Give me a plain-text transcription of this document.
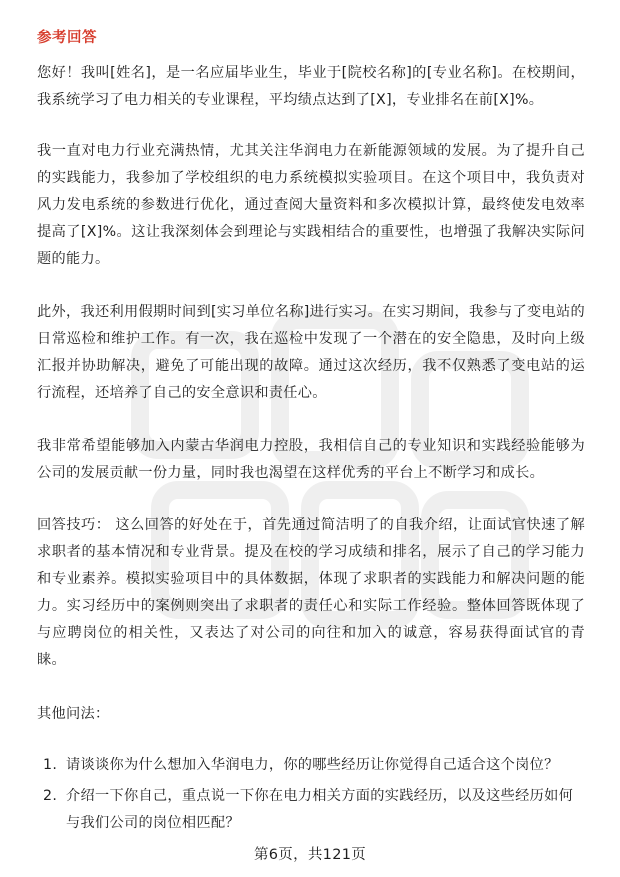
参考回答

您好！我叫[姓名]，是一名应届毕业生，毕业于[院校名称]的[专业名称]。在校期间，我系统学习了电力相关的专业课程，平均绩点达到了[X]，专业排名在前[X]%。

我一直对电力行业充满热情，尤其关注华润电力在新能源领域的发展。为了提升自己的实践能力，我参加了学校组织的电力系统模拟实验项目。在这个项目中，我负责对风力发电系统的参数进行优化，通过查阅大量资料和多次模拟计算，最终使发电效率提高了[X]%。这让我深刻体会到理论与实践相结合的重要性，也增强了我解决实际问题的能力。

此外，我还利用假期时间到[实习单位名称]进行实习。在实习期间，我参与了变电站的日常巡检和维护工作。有一次，我在巡检中发现了一个潜在的安全隐患，及时向上级汇报并协助解决，避免了可能出现的故障。通过这次经历，我不仅熟悉了变电站的运行流程，还培养了自己的安全意识和责任心。

我非常希望能够加入内蒙古华润电力控股，我相信自己的专业知识和实践经验能够为公司的发展贡献一份力量，同时我也渴望在这样优秀的平台上不断学习和成长。

回答技巧： 这么回答的好处在于，首先通过简洁明了的自我介绍，让面试官快速了解求职者的基本情况和专业背景。提及在校的学习成绩和排名，展示了自己的学习能力和专业素养。模拟实验项目中的具体数据，体现了求职者的实践能力和解决问题的能力。实习经历中的案例则突出了求职者的责任心和实际工作经验。整体回答既体现了与应聘岗位的相关性，又表达了对公司的向往和加入的诚意，容易获得面试官的青睐。

其他问法：

1. 请谈谈你为什么想加入华润电力，你的哪些经历让你觉得自己适合这个岗位？
2. 介绍一下你自己，重点说一下你在电力相关方面的实践经历，以及这些经历如何与我们公司的岗位相匹配？
第6页，共121页
